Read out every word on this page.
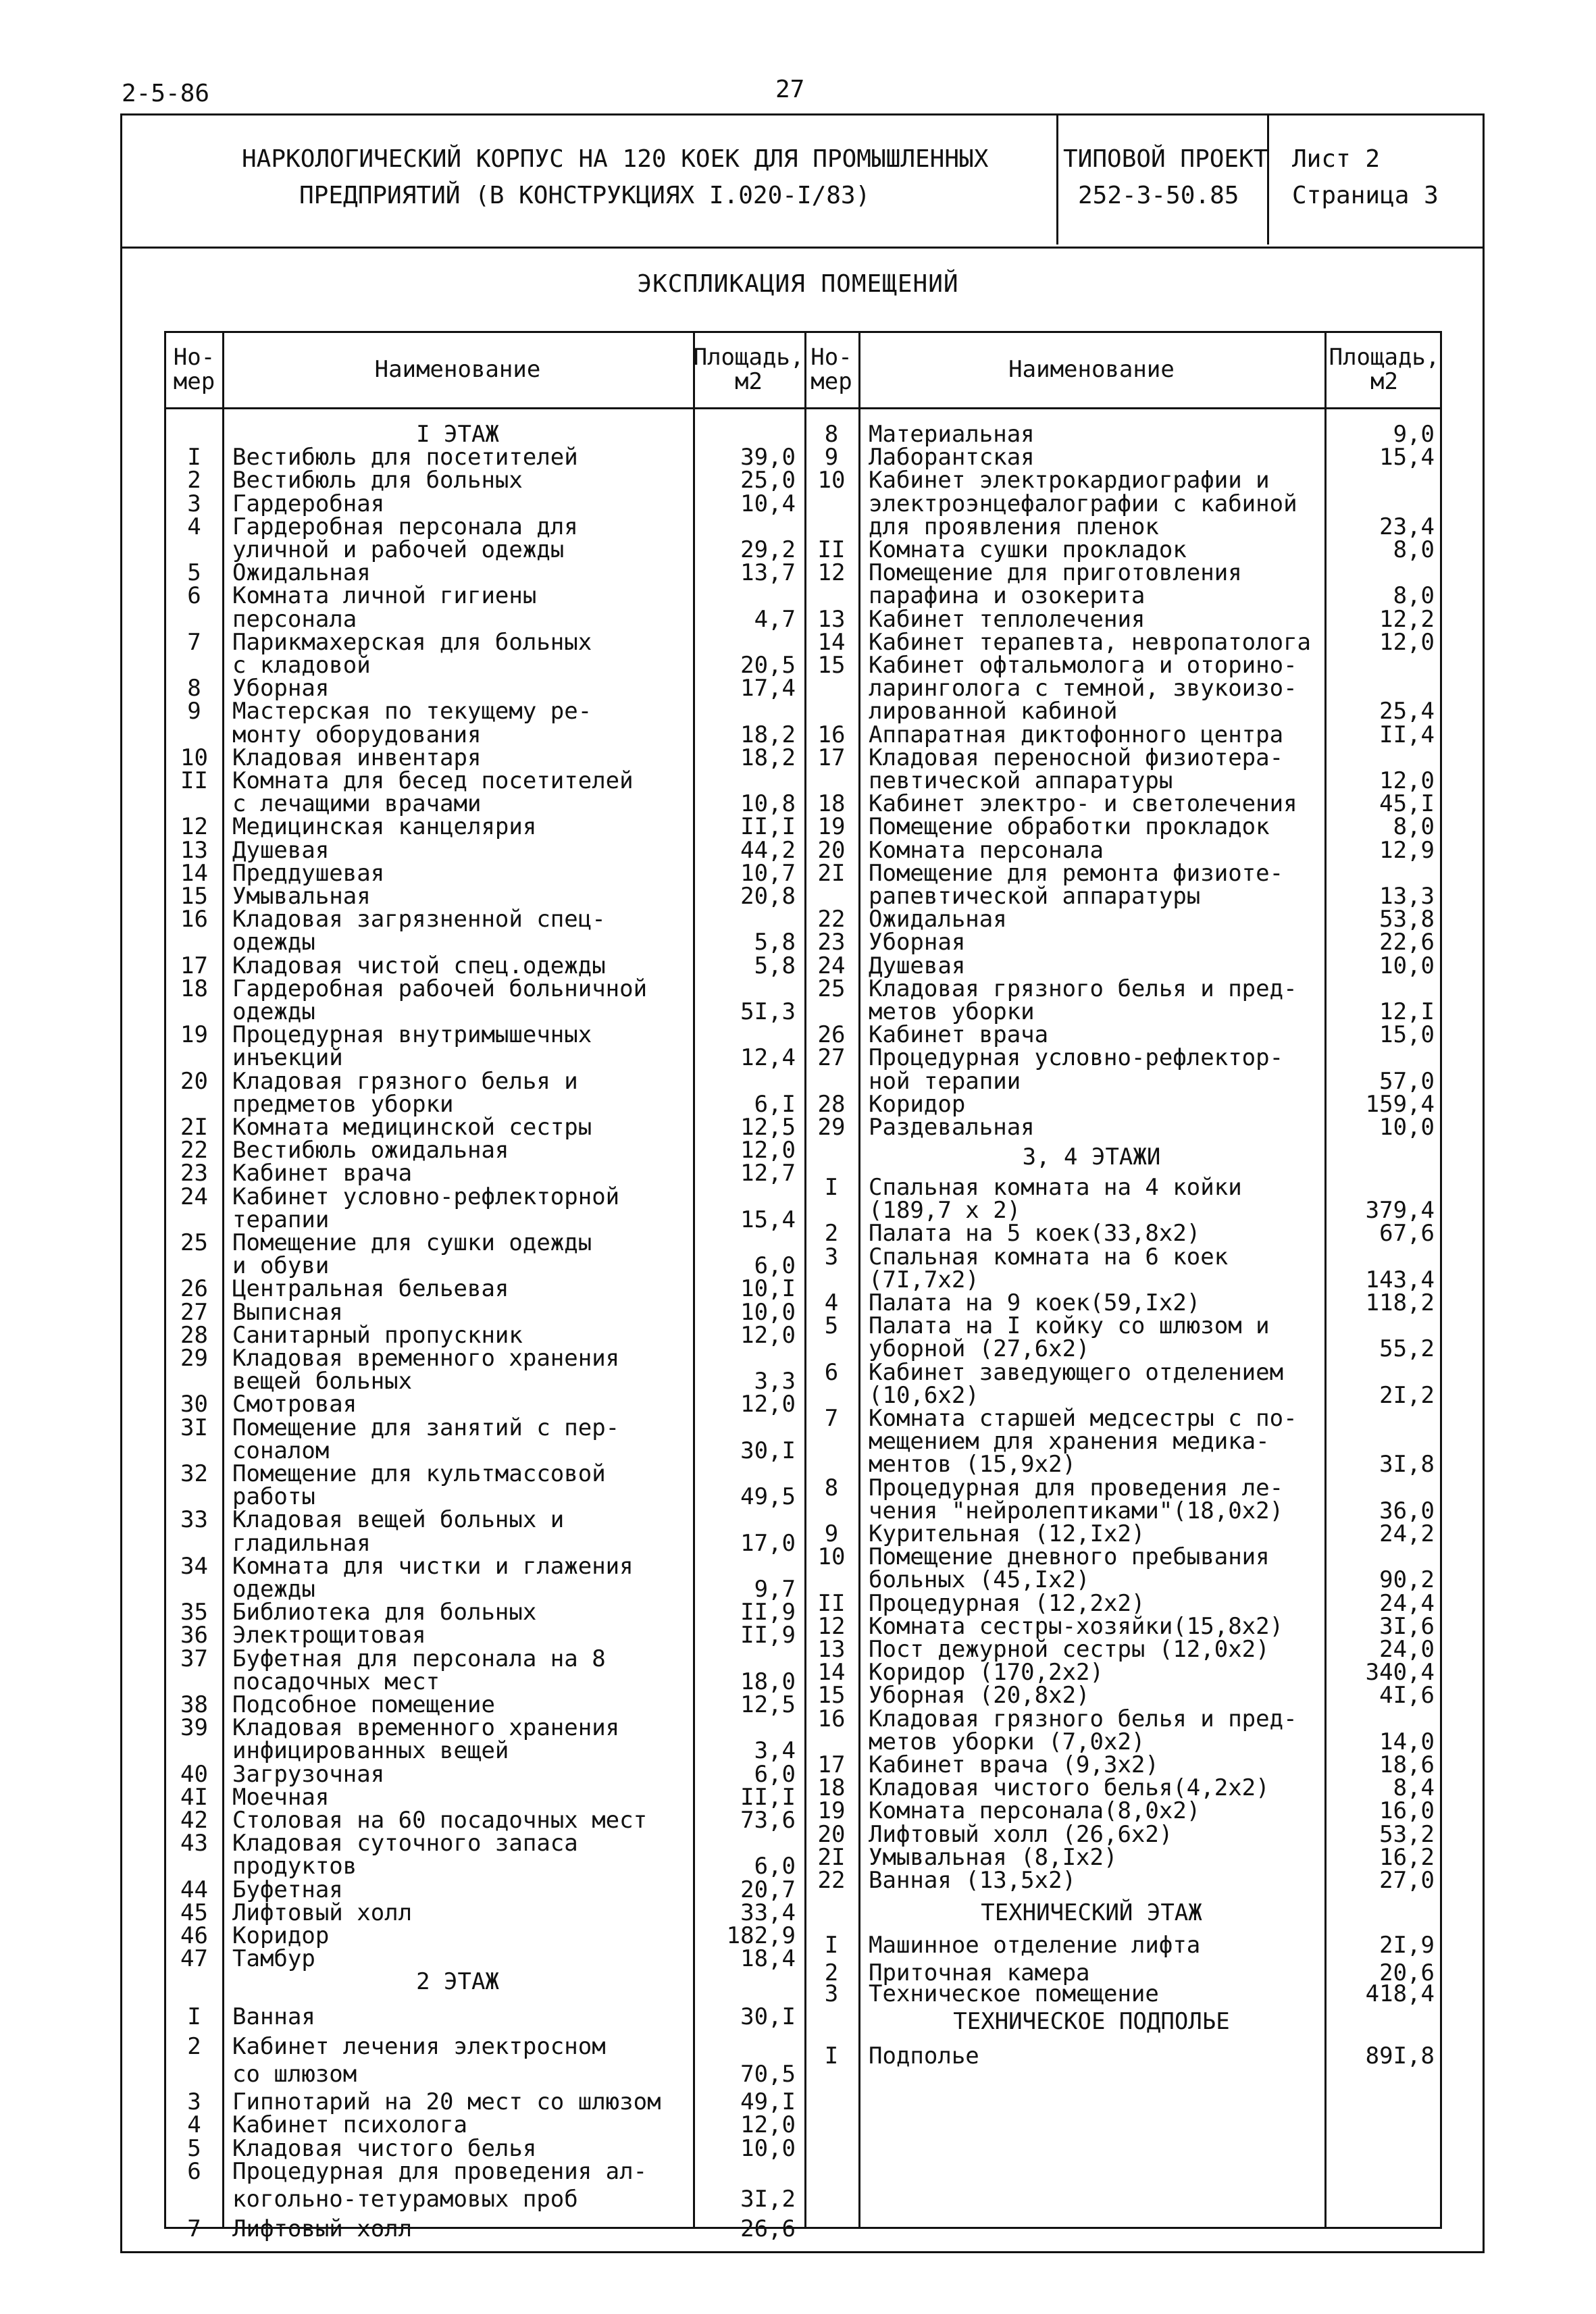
2-5-86	27
НАРКОЛОГИЧЕСКИЙ КОРПУС НА 120 КОЕК ДЛЯ ПРОМЫШЛЕННЫХ
ПРЕДПРИЯТИЙ (В КОНСТРУКЦИЯХ I.020-I/83)
ТИПОВОЙ ПРОЕКТ
252-3-50.85
Лист 2
Страница 3
ЭКСПЛИКАЦИЯ ПОМЕЩЕНИЙ
Но-
мер	Наименование	Площадь,
м2
Но-
мер	Наименование	Площадь,
м2
I ЭТАЖ
2 ЭТАЖ
I	Вестибюль для посетителей	39,0
2	Вестибюль для больных	25,0
3	Гардеробная	10,4
4	Гардеробная персонала для
уличной и рабочей одежды	29,2
5	Ожидальная	13,7
6	Комната личной гигиены
персонала	4,7
7	Парикмахерская для больных
с кладовой	20,5
8	Уборная	17,4
9	Мастерская по текущему ре-
монту оборудования	18,2
10	Кладовая инвентаря	18,2
II	Комната для бесед посетителей
с лечащими врачами	10,8
12	Медицинская канцелярия	II,I
13	Душевая	44,2
14	Преддушевая	10,7
15	Умывальная	20,8
16	Кладовая загрязненной спец-
одежды	5,8
17	Кладовая чистой спец.одежды	5,8
18	Гардеробная рабочей больничной
одежды	5I,3
19	Процедурная внутримышечных
инъекций	12,4
20	Кладовая грязного белья и
предметов уборки	6,I
2I	Комната медицинской сестры	12,5
22	Вестибюль ожидальная	12,0
23	Кабинет врача	12,7
24	Кабинет условно-рефлекторной
терапии	15,4
25	Помещение для сушки одежды
и обуви	6,0
26	Центральная бельевая	10,I
27	Выписная	10,0
28	Санитарный пропускник	12,0
29	Кладовая временного хранения
вещей больных	3,3
30	Смотровая	12,0
3I	Помещение для занятий с пер-
соналом	30,I
32	Помещение для культмассовой
работы	49,5
33	Кладовая вещей больных и
гладильная	17,0
34	Комната для чистки и глажения
одежды	9,7
35	Библиотека для больных	II,9
36	Электрощитовая	II,9
37	Буфетная для персонала на 8
посадочных мест	18,0
38	Подсобное помещение	12,5
39	Кладовая временного хранения
инфицированных вещей	3,4
40	Загрузочная	6,0
4I	Моечная	II,I
42	Столовая на 60 посадочных мест	73,6
43	Кладовая суточного запаса
продуктов	6,0
44	Буфетная	20,7
45	Лифтовый холл	33,4
46	Коридор	182,9
47	Тамбур	18,4
I	Ванная	30,I
2	Кабинет лечения электросном
со шлюзом	70,5
3	Гипнотарий на 20 мест со шлюзом	49,I
4	Кабинет психолога	12,0
5	Кладовая чистого белья	10,0
6	Процедурная для проведения ал-
когольно-тетурамовых проб	3I,2
7	Лифтовый холл	26,6
3, 4 ЭТАЖИ
ТЕХНИЧЕСКИЙ ЭТАЖ
ТЕХНИЧЕСКОЕ ПОДПОЛЬЕ
8	Материальная	9,0
9	Лаборантская	15,4
10	Кабинет электрокардиографии и
электроэнцефалографии с кабиной
для проявления пленок	23,4
II	Комната сушки прокладок	8,0
12	Помещение для приготовления
парафина и озокерита	8,0
13	Кабинет теплолечения	12,2
14	Кабинет терапевта, невропатолога	12,0
15	Кабинет офтальмолога и оторино-
ларинголога с темной, звукоизо-
лированной кабиной	25,4
16	Аппаратная диктофонного центра	II,4
17	Кладовая переносной физиотера-
певтической аппаратуры	12,0
18	Кабинет электро- и светолечения	45,I
19	Помещение обработки прокладок	8,0
20	Комната персонала	12,9
2I	Помещение для ремонта физиоте-
рапевтической аппаратуры	13,3
22	Ожидальная	53,8
23	Уборная	22,6
24	Душевая	10,0
25	Кладовая грязного белья и пред-
метов уборки	12,I
26	Кабинет врача	15,0
27	Процедурная условно-рефлектор-
ной терапии	57,0
28	Коридор	159,4
29	Раздевальная	10,0
I	Спальная комната на 4 койки
(189,7 х 2)	379,4
2	Палата на 5 коек(33,8х2)	67,6
3	Спальная комната на 6 коек
(7I,7х2)	143,4
4	Палата на 9 коек(59,Iх2)	118,2
5	Палата на I койку со шлюзом и
уборной (27,6х2)	55,2
6	Кабинет заведующего отделением
(10,6х2)	2I,2
7	Комната старшей медсестры с по-
мещением для хранения медика-
ментов (15,9х2)	3I,8
8	Процедурная для проведения ле-
чения "нейролептиками"(18,0х2)	36,0
9	Курительная (12,Iх2)	24,2
10	Помещение дневного пребывания
больных (45,Iх2)	90,2
II	Процедурная (12,2х2)	24,4
12	Комната сестры-хозяйки(15,8х2)	3I,6
13	Пост дежурной сестры (12,0х2)	24,0
14	Коридор (170,2х2)	340,4
15	Уборная (20,8х2)	4I,6
16	Кладовая грязного белья и пред-
метов уборки (7,0х2)	14,0
17	Кабинет врача (9,3х2)	18,6
18	Кладовая чистого белья(4,2х2)	8,4
19	Комната персонала(8,0х2)	16,0
20	Лифтовый холл (26,6х2)	53,2
2I	Умывальная (8,Iх2)	16,2
22	Ванная (13,5х2)	27,0
I	Машинное отделение лифта	2I,9
2	Приточная камера	20,6
3	Техническое помещение	418,4
I	Подполье	89I,8
